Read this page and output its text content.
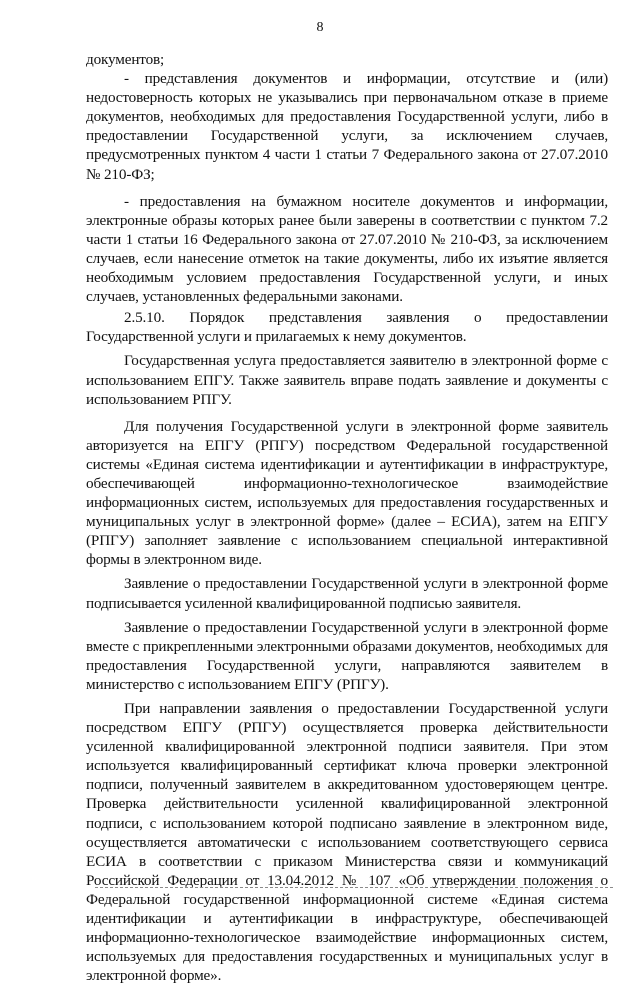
8

документов;

- представления документов и информации, отсутствие и (или) недостоверность которых не указывались при первоначальном отказе в приеме документов, необходимых для предоставления Государственной услуги, либо в предоставлении Государственной услуги, за исключением случаев, предусмотренных пунктом 4 части 1 статьи 7 Федерального закона от 27.07.2010 № 210-ФЗ;

- предоставления на бумажном носителе документов и информации, электронные образы которых ранее были заверены в соответствии с пунктом 7.2 части 1 статьи 16 Федерального закона от 27.07.2010 № 210-ФЗ, за исключением случаев, если нанесение отметок на такие документы, либо их изъятие является необходимым условием предоставления Государственной услуги, и иных случаев, установленных федеральными законами.

2.5.10. Порядок представления заявления о предоставлении Государственной услуги и прилагаемых к нему документов.

Государственная услуга предоставляется заявителю в электронной форме с использованием ЕПГУ. Также заявитель вправе подать заявление и документы с использованием РПГУ.

Для получения Государственной услуги в электронной форме заявитель авторизуется на ЕПГУ (РПГУ) посредством Федеральной государственной системы «Единая система идентификации и аутентификации в инфраструктуре, обеспечивающей информационно-технологическое взаимодействие информационных систем, используемых для предоставления государственных и муниципальных услуг в электронной форме» (далее – ЕСИА), затем на ЕПГУ (РПГУ) заполняет заявление с использованием специальной интерактивной формы в электронном виде.

Заявление о предоставлении Государственной услуги в электронной форме подписывается усиленной квалифицированной подписью заявителя.

Заявление о предоставлении Государственной услуги в электронной форме вместе с прикрепленными электронными образами документов, необходимых для предоставления Государственной услуги, направляются заявителем в министерство с использованием ЕПГУ (РПГУ).

При направлении заявления о предоставлении Государственной услуги посредством ЕПГУ (РПГУ) осуществляется проверка действительности усиленной квалифицированной электронной подписи заявителя. При этом используется квалифицированный сертификат ключа проверки электронной подписи, полученный заявителем в аккредитованном удостоверяющем центре. Проверка действительности усиленной квалифицированной электронной подписи, с использованием которой подписано заявление в электронном виде, осуществляется автоматически с использованием соответствующего сервиса ЕСИА в соответствии с приказом Министерства связи и коммуникаций Российской Федерации от 13.04.2012 № 107 «Об утверждении положения о Федеральной государственной информационной системе «Единая система идентификации и аутентификации в инфраструктуре, обеспечивающей информационно-технологическое взаимодействие информационных систем, используемых для предоставления государственных и муниципальных услуг в электронной форме».
